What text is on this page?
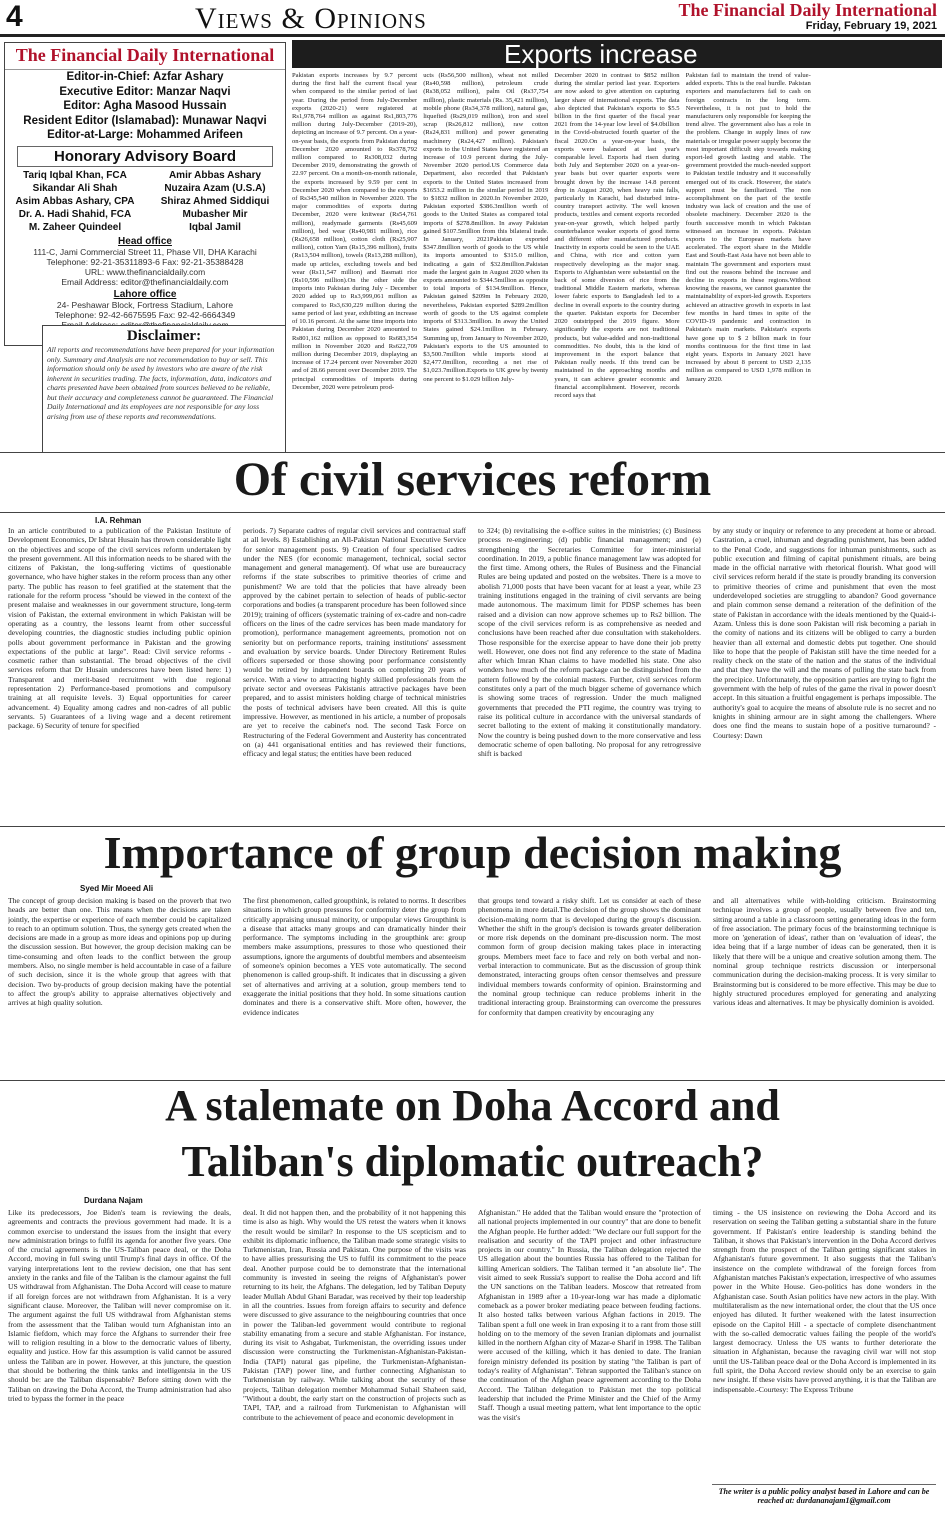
4	Views & Opinions	The Financial Daily International
Friday, February 19, 2021
The Financial Daily International
Editor-in-Chief: Azfar Ashary
Executive Editor: Manzar Naqvi
Editor: Agha Masood Hussain
Resident Editor (Islamabad): Munawar Naqvi
Editor-at-Large: Mohammed Arifeen
Honorary Advisory Board
Tariq Iqbal Khan, FCA	Amir Abbas Ashary
Sikandar Ali Shah	Nuzaira Azam (U.S.A)
Asim Abbas Ashary, CPA	Shiraz Ahmed Siddiqui
Dr. A. Hadi Shahid, FCA	Mubasher Mir
M. Zaheer Quindeel	Iqbal Jamil
Head office
111-C, Jami Commercial Street 11, Phase VII, DHA Karachi
Telephone: 92-21-35311893-6 Fax: 92-21-35388428
URL: www.thefinancialdaily.com
Email Address: editor@thefinancialdaily.com
Lahore office
24- Peshawar Block, Fortress Stadium, Lahore
Telephone: 92-42-6675595 Fax: 92-42-6664349
Disclaimer:
All reports and recommendations have been prepared for your information only. Summary and Analysis are not recommendation to buy or sell. This information should only be used by investors who are aware of the risk inherent in securities trading. The facts, information, data, indicators and charts presented have been obtained from sources believed to be reliable, but their accuracy and completeness cannot be guaranteed. The Financial Daily International and its employees are not responsible for any loss arising from use of these reports and recommendations.
Exports increase
Pakistan exports increases by 9.7 percent during the first half the current fiscal year when compared to the similar period of last year. During the period from July-December exports (2020-21) were registered at Rs1,978,764 million as against Rs1,803,776 million during July-December (2019-20), depicting an increase of 9.7 percent. On a year-on-year basis, the exports from Pakistan during December 2020 amounted to Rs378,792 million compared to Rs308,032 during December 2019, demonstrating the growth of 22.97 percent. On a month-on-month rationale, the exports increased by 9.59 per cent in December 2020 when compared to the exports of Rs345,540 million in November 2020. The major commodities of exports during December, 2020 were knitwear (Rs54,761 million), readymade garments (Rs45,609 million), bed wear (Rs40,981 million), rice (Rs26,658 million), cotton cloth (Rs25,907 million), cotton Yarn (Rs15,396 million), fruits (Rs13,504 million), towels (Rs13,288 million), made up articles, excluding towels and bed wear (Rs11,547 million) and Basmati rice (Rs10,596 million).On the other side the imports into Pakistan during July - December 2020 added up to Rs3,999,061 million as compared to Rs3,630,229 million during the same period of last year, exhibiting an increase of 10.16 percent. At the same time imports into Pakistan during December 2020 amounted to Rs801,162 million as opposed to Rs683,354 million in November 2020 and Rs622,709 million during December 2019, displaying an increase of 17.24 percent over November 2020 and of 28.66 percent over December 2019. The principal commodities of imports during December, 2020 were petroleum prod-
ucts (Rs56,500 million), wheat not milled (Rs40,598 million), petroleum crude (Rs38,052 million), palm Oil (Rs37,754 million), plastic materials (Rs. 35,421 million), mobile phone (Rs34,378 million), natural gas, liquefied (Rs29,019 million), iron and steel scrap (Rs26,812 million), raw cotton (Rs24,831 million) and power generating machinery (Rs24,427 million). Pakistan's exports to the United States have registered an increase of 10.9 percent during the July-November 2020 period.US Commerce data Department, also recorded that Pakistan's exports to the United States increased from $1653.2 million in the similar period in 2019 to $1832 million in 2020.In November 2020, Pakistan exported $386.3million worth of goods to the United States as compared total imports of $278.8million. In away Pakistan gained $107.5million from this bilateral trade. In January, 2021Pakistan exported $347.8million worth of goods to the US while its imports amounted to $315.0 million, indicating a gain of $32.8million.Pakistan made the largest gain in August 2020 when its exports amounted to $344.5million as opposite to total imports of $134.9million. Hence, Pakistan gained $209m In February 2020, nevertheless, Pakistan exported $289.2million worth of goods to the US against complete imports of $313.3million. In away the United States gained $24.1million in February. Summing up, from January to November 2020, Pakistan's exports to the US amounted to $3,500.7million while imports stood at $2,477.0million, recording a net rise of $1,023.7million.Exports to UK grew by twenty one percent to $1.029 billion July-
December 2020 in contrast to $852 million during the similar period last year. Exporters are now asked to give attention on capturing larger share of international exports. The data also depicted that Pakistan's exports to $5.5 billion in the first quarter of the fiscal year 2021 from the 14-year low level of $4.0billion in the Covid-obstructed fourth quarter of the fiscal 2020.On a year-on-year basis, the exports were balanced at last year's comparable level. Exports had risen during both July and September 2020 on a year-on-year basis but over quarter exports were brought down by the increase 14.8 percent drop in August 2020, when heavy rain falls, particularly in Karachi, had disturbed intra-country transport activity. The well known products, textiles and cement exports recorded year-on-year growth, which helped partly counterbalance weaker exports of good items and different other manufactured products. Inactivity in exports could be seen to the UAE and China, with rice and cotton yarn respectively developing as the major snag. Exports to Afghanistan were substantial on the back of some diversion of rice from the traditional Middle Eastern markets, whereas lower fabric exports to Bangladesh led to a decline in overall exports to the country during the quarter. Pakistan exports for December 2020 outstripped the 2019 figure. More significantly the exports are not traditional products, but value-added and non-traditional commodities. No doubt, this is the kind of improvement in the export balance that Pakistan really needs. If this trend can be maintained in the approaching months and years, it can achieve greater economic and financial accomplishment. However, records record says that
Pakistan fail to maintain the trend of value-added exports. This is the real hurdle. Pakistan exporters and manufacturers fail to cash on foreign contracts in the long term. Nevertheless, it is not just to hold the manufacturers only responsible for keeping the trend alive. The government also has a role in the problem. Change in supply lines of raw materials or irregular power supply become the most important difficult step towards making export-led growth lasting and stable. The government provided the much-needed support to Pakistan textile industry and it successfully emerged out of its crack. However, the state's support must be familiarized. The non accomplishment on the part of the textile industry was lack of creation and the use of obsolete machinery. December 2020 is the fourth successive month in which Pakistan witnessed an increase in exports. Pakistan exports to the European markets have accelerated. The export share in the Middle East and South-East Asia have not been able to maintain The government and exporters must find out the reasons behind the increase and decline in exports in these regions.Without knowing the reasons, we cannot guarantee the maintainability of export-led growth. Exporters achieved an attractive growth in exports in last few months in hard times in spite of the COVID-19 pandemic and contraction in Pakistan's main markets. Pakistan's exports have gone up to $ 2 billion mark in four months continuous for the first time in last eight years. Exports in January 2021 have increased by about 8 percent to USD 2,135 million as compared to USD 1,978 million in January 2020.
Of civil services reform
I.A. Rehman
In an article contributed to a publication of the Pakistan Institute of Development Economics, Dr Ishrat Husain has thrown considerable light on the objectives and scope of the civil services reform undertaken by the present government. All this information needs to be shared with the citizens of Pakistan, the long-suffering victims of questionable governance, who have higher stakes in the reform process than any other party. The public has reason to feel gratified at the statement that the rationale for the reform process "should be viewed in the context of the present malaise and weaknesses in our government structure, long-term vision of Pakistan, the external environment in which Pakistan will be operating as a country, the lessons learnt from other successful developing countries, the diagnostic studies including public opinion polls about government performance in Pakistan and the growing expectations of the public at large". Read: Civil service reforms - cosmetic rather than substantial. The broad objectives of the civil services reform that Dr Husain underscores have been listed here: 1) Transparent and merit-based recruitment with due regional representation 2) Performance-based promotions and compulsory training at all requisite levels. 3) Equal opportunities for career advancement. 4) Equality among cadres and non-cadres of all public servants. 5) Guarantees of a living wage and a decent retirement package. 6) Security of tenure for specified
periods. 7) Separate cadres of regular civil services and contractual staff at all levels. 8) Establishing an All-Pakistan National Executive Service for senior management posts. 9) Creation of four specialised cadres under the NES (for economic management, technical, social sector management and general management). Of what use are bureaucracy reforms if the state subscribes to primitive theories of crime and punishment? We are told that the policies that have already been approved by the cabinet pertain to selection of heads of public-sector corporations and bodies (a transparent procedure has been followed since 2019); training of officers (systematic training of ex-cadre and non-cadre officers on the lines of the cadre services has been made mandatory for promotion), performance management agreements, promotion not on seniority but on performance reports, training institutions' assessment and evaluation by service boards. Under Directory Retirement Rules officers superseded or those showing poor performance consistently would be retired by independent boards on completing 20 years of service. With a view to attracting highly skilled professionals from the private sector and overseas Pakistanis attractive packages have been prepared, and to assist ministers holding charge of technical ministries the posts of technical advisers have been created. All this is quite impressive. However, as mentioned in his article, a number of proposals are yet to receive the cabinet's nod. The second Task Force on Restructuring of the Federal Government and Austerity has concentrated on (a) 441 organisational entities and has reviewed their functions, efficacy and legal status; the entities have been reduced
to 324; (b) revitalising the e-office suites in the ministries; (c) Business process re-engineering; (d) public financial management; and (e) strengthening the Secretaries Committee for inter-ministerial coordination. In 2019, a public finance management law was adopted for the first time. Among others, the Rules of Business and the Financial Rules are being updated and posted on the websites. There is a move to abolish 71,000 posts that have been vacant for at least a year, while 23 training institutions engaged in the training of civil servants are being made autonomous. The maximum limit for PDSP schemes has been raised and a division can now approve schemes up to Rs2 billion. The scope of the civil services reform is as comprehensive as needed and conclusions have been reached after due consultation with stakeholders. Those responsible for the exercise appear to have done their job pretty well. However, one does not find any reference to the state of Madina after which Imran Khan claims to have modelled his state. One also wonders how much of the reform package can be distinguished from the pattern followed by the colonial masters. Further, civil services reform constitutes only a part of the much bigger scheme of governance which is showing some traces of regression. Under the much maligned governments that preceded the PTI regime, the country was trying to raise its political culture in accordance with the universal standards of secret balloting to the extent of making it constitutionally mandatory. Now the country is being pushed down to the more conservative and less democratic scheme of open balloting. No proposal for any retrogressive shift is backed
by any study or inquiry or reference to any precedent at home or abroad. Castration, a cruel, inhuman and degrading punishment, has been added to the Penal Code, and suggestions for inhuman punishments, such as public execution and filming of capital punishment rituals, are being made in the official narrative with rhetorical flourish. What good will civil services reform herald if the state is proudly branding its conversion to primitive theories of crime and punishment that even the most underdeveloped societies are struggling to abandon? Good governance and plain common sense demand a reiteration of the definition of the state of Pakistan in accordance with the ideals mentioned by the Quaid-i-Azam. Unless this is done soon Pakistan will risk becoming a pariah in the comity of nations and its citizens will be obliged to carry a burden heavier than all external and domestic debts put together. One should like to hope that the people of Pakistan still have the time needed for a reality check on the state of the nation and the status of the individual and that they have the will and the means of pulling the state back from the precipice. Unfortunately, the opposition parties are trying to fight the government with the help of rules of the game the rival in power doesn't accept. In this situation a fruitful engagement is perhaps impossible. The authority's goal to acquire the means of absolute rule is no secret and no knights in shining armour are in sight among the challengers. Where does one find the means to sustain hope of a positive turnaround? -Courtesy: Dawn
Importance of group decision making
Syed Mir Moeed Ali
The concept of group decision making is based on the proverb that two heads are better than one. This means when the decisions are taken jointly, the expertise or experience of each member could be capitalized to reach to an optimum solution. Thus, the synergy gets created when the decisions are made in a group as more ideas and opinions pop up during the discussion session. But however, the group decision making can be time-consuming and often leads to the conflict between the group members. Also, no single member is held accountable in case of a failure of such decision, since it is the whole group that agrees with that decision. Two by-products of group decision making have the potential to affect the group's ability to appraise alternatives objectively and arrives at high quality solution.
The first phenomenon, called groupthink, is related to norms. It describes situations in which group pressures for conformity deter the group from critically appraising unusual minority, or unpopular views Groupthink is a disease that attacks many groups and can dramatically hinder their performance. The symptoms including in the groupthink are: group members make assumptions, pressures to those who questioned their assumptions, ignore the arguments of doubtful members and absenteeism of someone's opinion becomes a YES vote automatically. The second phenomenon is called group-shift. It indicates that in discussing a given set of alternatives and arriving at a solution, group members tend to exaggerate the initial positions that they hold. In some situations caution dominates and there is a conservative shift. More often, however, the evidence indicates
that groups tend toward a risky shift. Let us consider at each of these phenomena in more detail.The decision of the group shows the dominant decision-making norm that is developed during the group's discussion. Whether the shift in the group's decision is towards greater deliberation or more risk depends on the dominant pre-discussion norm. The most common form of group decision making takes place in interacting groups. Members meet face to face and rely on both verbal and non-verbal interaction to communicate. But as the discussion of group think demonstrated, interacting groups often censor themselves and pressure individual members towards conformity of opinion. Brainstorming and the nominal group technique can reduce problems inherit in the traditional interacting group. Brainstorming can overcome the pressures for conformity that dampen creativity by encouraging any
and all alternatives while with-holding criticism. Brainstorming technique involves a group of people, usually between five and ten, sitting around a table in a classroom setting generating ideas in the form of free association. The primary focus of the brainstorming technique is more on 'generation of ideas', rather than on 'evaluation of ideas', the idea being that if a large number of ideas can be generated, then it is likely that there will be a unique and creative solution among them. The nominal group technique restricts discussion or interpersonal communication during the decision-making process. It is very similar to Brainstorming but is considered to be more effective. This may be due to highly structured procedures employed for generating and analyzing various ideas and alternatives. It may be physically dominion is avoided.
A stalemate on Doha Accord and
Taliban's diplomatic outreach?
Durdana Najam
Like its predecessors, Joe Biden's team is reviewing the deals, agreements and contracts the previous government had made. It is a common exercise to understand the issues from the insight that every new administration brings to fulfil its agenda for another five years. One of the crucial agreements is the US-Taliban peace deal, or the Doha Accord, moving in full swing until Trump's final days in office. Of the varying interpretations lent to the review decision, one that has sent anxiety in the ranks and file of the Taliban is the clamour against the full US withdrawal from Afghanistan. The Doha Accord will cease to mature if all foreign forces are not withdrawn from Afghanistan. It is a very significant clause. Moreover, the Taliban will never compromise on it. The argument against the full US withdrawal from Afghanistan stems from the assessment that the Taliban would turn Afghanistan into an Islamic fiefdom, which may force the Afghans to surrender their free will to religion resulting in a blow to the democratic values of liberty, equality and justice. How far this assumption is valid cannot be assured unless the Taliban are in power. However, at this juncture, the question that should be bothering the think tanks and intelligentsia in the US should be: are the Taliban dispensable? Before sitting down with the Taliban on drawing the Doha Accord, the Trump administration had also tried to bypass the former in the peace
deal. It did not happen then, and the probability of it not happening this time is also as high. Why would the US retest the waters when it knows the result would be similar? In response to the US scepticism and to exhibit its diplomatic influence, the Taliban made some strategic visits to Turkmenistan, Iran, Russia and Pakistan. One purpose of the visits was to have allies pressurising the US to fulfil its commitment to the peace deal. Another purpose could be to demonstrate that the international community is invested in seeing the reigns of Afghanistan's power returning to its heir, the Afghans. The delegation, led by Taliban Deputy leader Mullah Abdul Ghani Baradar, was received by their top leadership in all the countries. Issues from foreign affairs to security and defence were discussed to give assurance to the neighbouring countries that once in power the Taliban-led government would contribute to regional stability emanating from a secure and stable Afghanistan. For instance, during its visit to Ashgabat, Turkmenistan, the overriding issues under discussion were constructing the Turkmenistan-Afghanistan-Pakistan-India (TAPI) natural gas pipeline, the Turkmenistan-Afghanistan-Pakistan (TAP) power line, and further connecting Afghanistan to Turkmenistan by railway. While talking about the security of these projects, Taliban delegation member Mohammad Suhail Shaheen said, "Without a doubt, the early start on the construction of projects such as TAPI, TAP, and a railroad from Turkmenistan to Afghanistan will contribute to the achievement of peace and economic development in
Afghanistan." He added that the Taliban would ensure the "protection of all national projects implemented in our country" that are done to benefit the Afghan people. He further added: "We declare our full support for the realisation and security of the TAPI project and other infrastructure projects in our country." In Russia, the Taliban delegation rejected the US allegation about the bounties Russia has offered to the Taliban for killing American soldiers. The Taliban termed it "an absolute lie". The visit aimed to seek Russia's support to realise the Doha accord and lift the UN sanctions on the Taliban leaders. Moscow that retreated from Afghanistan in 1989 after a 10-year-long war has made a diplomatic comeback as a power broker mediating peace between feuding factions. It also hosted talks between various Afghan factions in 2019. The Taliban spent a full one week in Iran exposing it to a rant from those still holding on to the memory of the seven Iranian diplomats and journalist killed in the northern Afghan city of Mazar-e Sharif in 1998. The Taliban were accused of the killing, which it has denied to date. The Iranian foreign ministry defended its position by stating "the Taliban is part of today's reality of Afghanistan". Tehran supported the Taliban's stance on the continuation of the Afghan peace agreement according to the Doha Accord. The Taliban delegation to Pakistan met the top political leadership that included the Prime Minister and the Chief of the Army Staff. Though a usual meeting pattern, what lent importance to the optic was the visit's
timing - the US insistence on reviewing the Doha Accord and its reservation on seeing the Taliban getting a substantial share in the future government. If Pakistan's entire leadership is standing behind the Taliban, it shows that Pakistan's intervention in the Doha Accord derives strength from the prospect of the Taliban getting significant stakes in Afghanistan's future government. It also suggests that the Taliban's insistence on the complete withdrawal of the foreign forces from Afghanistan matches Pakistan's expectation, irrespective of who assumes power in the White House. Geo-politics has done wonders in the Afghanistan case. South Asian politics have new actors in the play. With multilateralism as the new international order, the clout that the US once enjoyed has diluted. It further weakened with the latest insurrection episode on the Capitol Hill - a spectacle of complete disenchantment with the so-called democratic values failing the people of the world's largest democracy. Unless the US wants to further deteriorate the situation in Afghanistan, because the ravaging civil war will not stop until the US-Taliban peace deal or the Doha Accord is implemented in its full spirit, the Doha Accord review should only be an exercise to gain new insight. If these visits have proved anything, it is that the Taliban are indispensable.-Courtesy: The Express Tribune
The writer is a public policy analyst based in Lahore and can be reached at: durdananajam1@gmail.com
